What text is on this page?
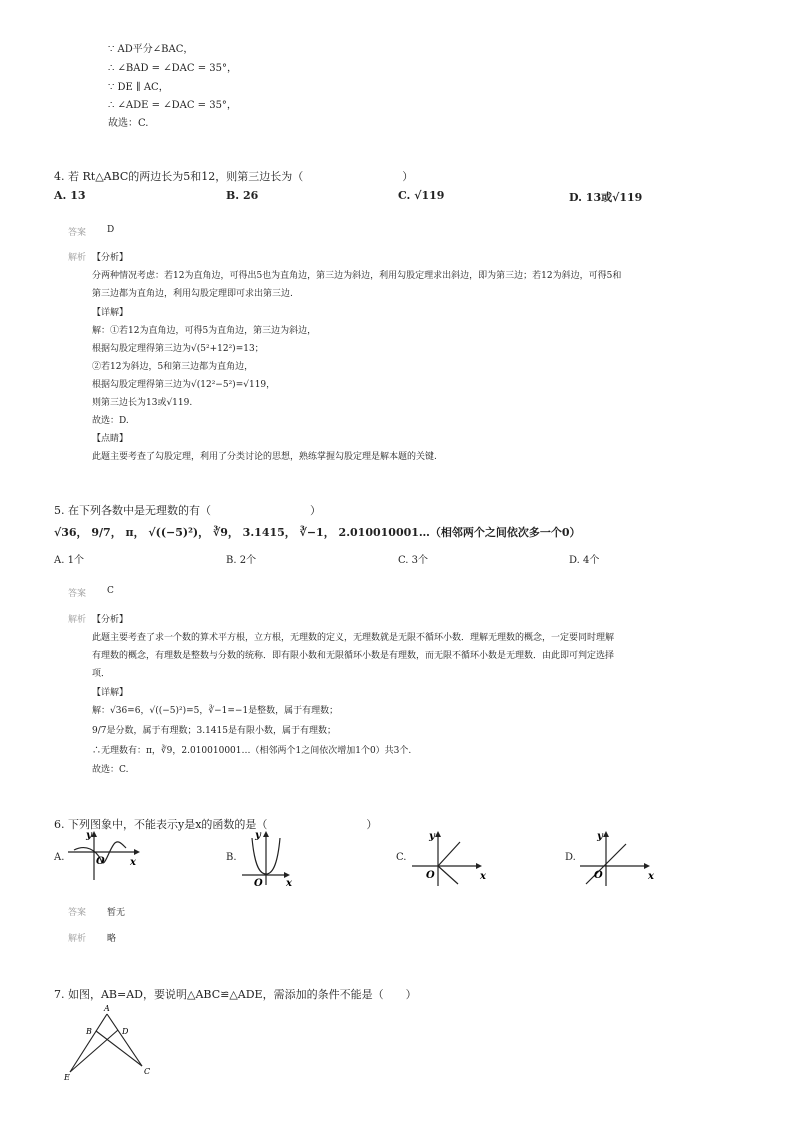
∵ AD平分∠BAC，
∴ ∠BAD = ∠DAC = 35°，
∵ DE ∥ AC，
∴ ∠ADE = ∠DAC = 35°，
故选：C.
4. 若 Rt△ABC的两边长为5和12，则第三边长为（　　　　　　　　　）
A. 13	B. 26	C. √119	D. 13或√119
答案 D
解析 【分析】
分两种情况考虑：若12为直角边，可得出5也为直角边，第三边为斜边，利用勾股定理求出斜边，即为第三边；若12为斜边，可得5和
第三边都为直角边，利用勾股定理即可求出第三边.
【详解】
解：①若12为直角边，可得5为直角边，第三边为斜边，
根据勾股定理得第三边为√(5²+12²)=13；
②若12为斜边，5和第三边都为直角边，
根据勾股定理得第三边为√(12²−5²)=√119，
则第三边长为13或√119.
故选：D.
【点睛】
此题主要考查了勾股定理，利用了分类讨论的思想，熟练掌握勾股定理是解本题的关键.
5. 在下列各数中是无理数的有（　　　　　　　　　）
√36， 9/7， π， √((−5)²)， ∛9， 3.1415， ∛−1， 2.010010001…（相邻两个之间依次多一个0）
A. 1个	B. 2个	C. 3个	D. 4个
答案 C
解析 【分析】
此题主要考查了求一个数的算术平方根，立方根，无理数的定义，无理数就是无限不循环小数．理解无理数的概念，一定要同时理解
有理数的概念，有理数是整数与分数的统称．即有限小数和无限循环小数是有理数，而无限不循环小数是无理数．由此即可判定选择
项．
【详解】
解：√36=6，√((−5)²)=5，∛−1=−1是整数，属于有理数；
9/7是分数，属于有理数；3.1415是有限小数，属于有理数；
∴无理数有：π，∛9，2.010010001…（相邻两个1之间依次增加1个0）共3个.
故选：C.
6. 下列图象中，不能表示y是x的函数的是（　　　　　　　　　）
A.	B.	C.	D.
y
x
O
y
x
O
y
x
O
y
x
O
答案 暂无
解析 略
7. 如图，AB=AD，要说明△ABC≌△ADE，需添加的条件不能是（　　）
A
B	D
E
C
